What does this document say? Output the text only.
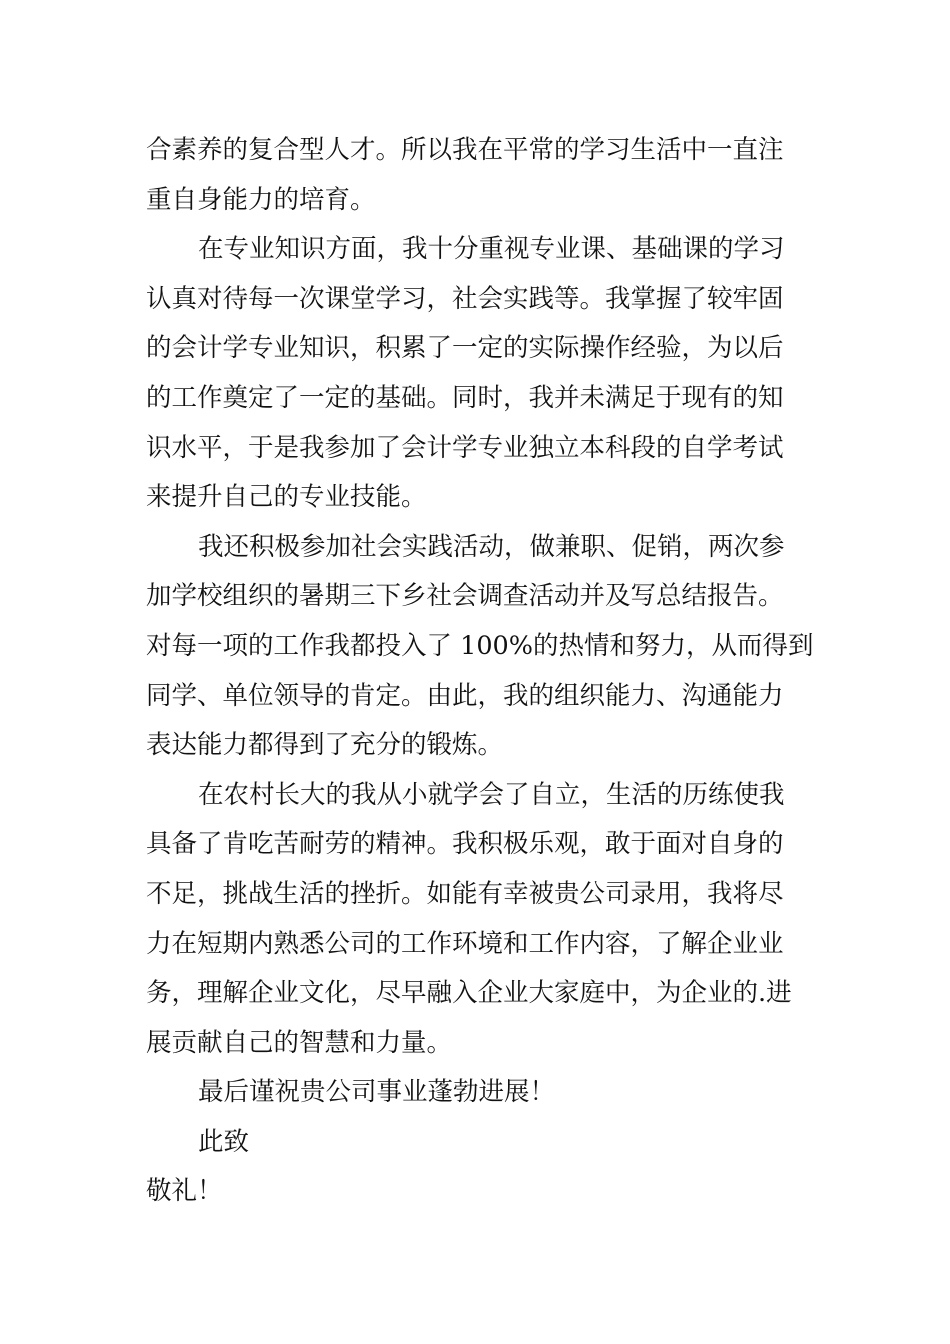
合素养的复合型人才。所以我在平常的学习生活中一直注
重自身能力的培育。
在专业知识方面，我十分重视专业课、基础课的学习
认真对待每一次课堂学习，社会实践等。我掌握了较牢固
的会计学专业知识，积累了一定的实际操作经验，为以后
的工作奠定了一定的基础。同时，我并未满足于现有的知
识水平，于是我参加了会计学专业独立本科段的自学考试
来提升自己的专业技能。
我还积极参加社会实践活动，做兼职、促销，两次参
加学校组织的暑期三下乡社会调查活动并及写总结报告。
对每一项的工作我都投入了 100%的热情和努力，从而得到
同学、单位领导的肯定。由此，我的组织能力、沟通能力
表达能力都得到了充分的锻炼。
在农村长大的我从小就学会了自立，生活的历练使我
具备了肯吃苦耐劳的精神。我积极乐观，敢于面对自身的
不足，挑战生活的挫折。如能有幸被贵公司录用，我将尽
力在短期内熟悉公司的工作环境和工作内容，了解企业业
务，理解企业文化，尽早融入企业大家庭中，为企业的.进
展贡献自己的智慧和力量。
最后谨祝贵公司事业蓬勃进展！
此致
敬礼！
